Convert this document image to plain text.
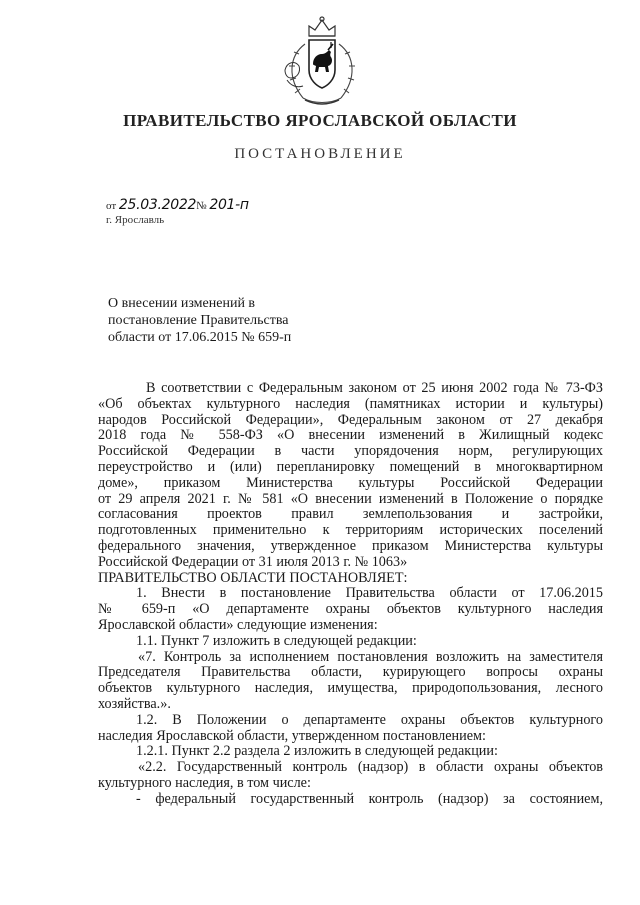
ПРАВИТЕЛЬСТВО ЯРОСЛАВСКОЙ ОБЛАСТИ
ПОСТАНОВЛЕНИЕ
от 25.03.2022№ 201-п
г. Ярославль
О внесении изменений в
постановление Правительства
области от 17.06.2015 № 659-п
В соответствии с Федеральным законом от 25 июня 2002 года № 73-ФЗ
«Об объектах культурного наследия (памятниках истории и культуры)
народов Российской Федерации», Федеральным законом от 27 декабря
2018 года № 558-ФЗ «О внесении изменений в Жилищный кодекс
Российской Федерации в части упорядочения норм, регулирующих
переустройство и (или) перепланировку помещений в многоквартирном
доме», приказом Министерства культуры Российской Федерации
от 29 апреля 2021 г. № 581 «О внесении изменений в Положение о порядке
согласования проектов правил землепользования и застройки,
подготовленных применительно к территориям исторических поселений
федерального значения, утвержденное приказом Министерства культуры
Российской Федерации от 31 июля 2013 г. № 1063»
ПРАВИТЕЛЬСТВО ОБЛАСТИ ПОСТАНОВЛЯЕТ:
1. Внести в постановление Правительства области от 17.06.2015
№ 659-п «О департаменте охраны объектов культурного наследия
Ярославской области» следующие изменения:
1.1. Пункт 7 изложить в следующей редакции:
«7. Контроль за исполнением постановления возложить на заместителя
Председателя Правительства области, курирующего вопросы охраны
объектов культурного наследия, имущества, природопользования, лесного
хозяйства.».
1.2. В Положении о департаменте охраны объектов культурного
наследия Ярославской области, утвержденном постановлением:
1.2.1. Пункт 2.2 раздела 2 изложить в следующей редакции:
«2.2. Государственный контроль (надзор) в области охраны объектов
культурного наследия, в том числе:
- федеральный государственный контроль (надзор) за состоянием,
